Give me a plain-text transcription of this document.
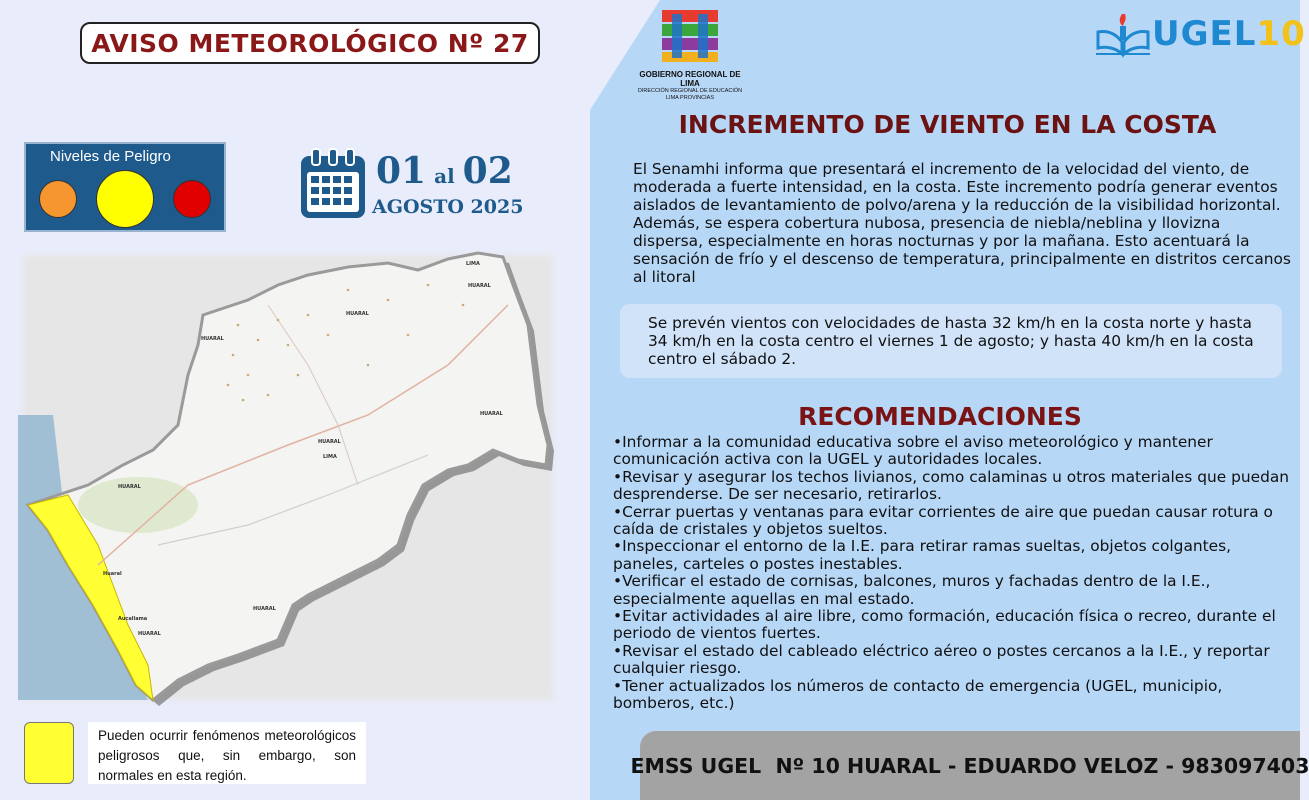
AVISO METEOROLÓGICO Nº 27
Niveles de Peligro	01 al 02
AGOSTO 2025
LIMA
HUARAL
HUARAL
HUARAL
HUARAL
LIMA
HUARAL
HUARAL
Huaral
Aucallama
HUARAL
HUARAL
Pueden ocurrir fenómenos meteorológicos peligrosos que, sin embargo, son normales en esta región.
GOBIERNO REGIONAL DE LIMA
DIRECCIÓN REGIONAL DE EDUCACIÓN
LIMA PROVINCIAS
UGEL10
INCREMENTO DE VIENTO EN LA COSTA
El Senamhi informa que presentará el incremento de la velocidad del viento, de moderada a fuerte intensidad, en la costa. Este incremento podría generar eventos aislados de levantamiento de polvo/arena y la reducción de la visibilidad horizontal. Además, se espera cobertura nubosa, presencia de niebla/neblina y llovizna dispersa, especialmente en horas nocturnas y por la mañana. Esto acentuará la sensación de frío y el descenso de temperatura, principalmente en distritos cercanos al litoral
Se prevén vientos con velocidades de hasta 32 km/h en la costa norte y hasta 34 km/h en la costa centro el viernes 1 de agosto; y hasta 40 km/h en la costa centro el sábado 2.
RECOMENDACIONES
•Informar a la comunidad educativa sobre el aviso meteorológico y mantener comunicación activa con la UGEL y autoridades locales.
•Revisar y asegurar los techos livianos, como calaminas u otros materiales que puedan desprenderse. De ser necesario, retirarlos.
•Cerrar puertas y ventanas para evitar corrientes de aire que puedan causar rotura o caída de cristales y objetos sueltos.
•Inspeccionar el entorno de la I.E. para retirar ramas sueltas, objetos colgantes, paneles, carteles o postes inestables.
•Verificar el estado de cornisas, balcones, muros y fachadas dentro de la I.E., especialmente aquellas en mal estado.
•Evitar actividades al aire libre, como formación, educación física o recreo, durante el periodo de vientos fuertes.
•Revisar el estado del cableado eléctrico aéreo o postes cercanos a la I.E., y reportar cualquier riesgo.
•Tener actualizados los números de contacto de emergencia (UGEL, municipio, bomberos, etc.)
EMSS UGEL  Nº 10 HUARAL - EDUARDO VELOZ - 983097403
